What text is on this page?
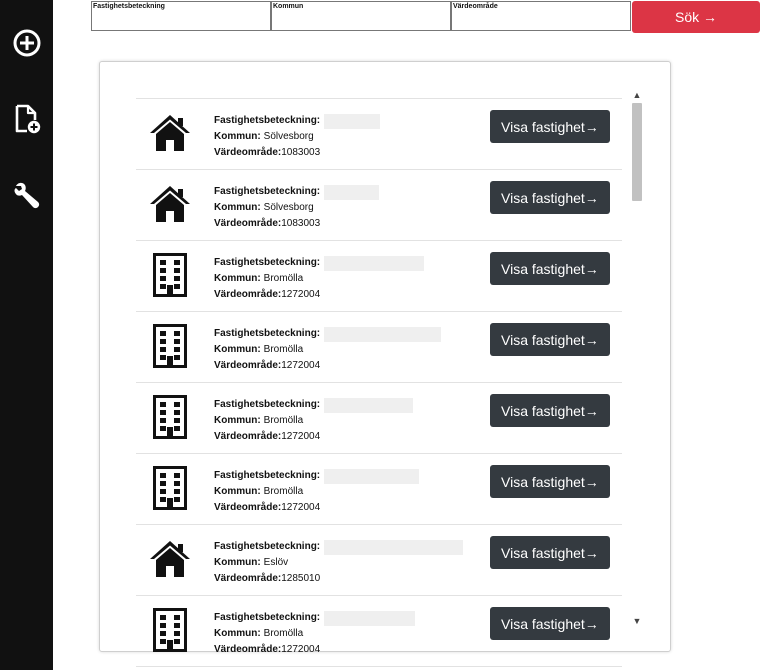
Fastighetsbeteckning	Kommun	Värdeområde
Sök →
Fastighetsbeteckning:
Kommun: Sölvesborg
Värdeområde: 1083003
Visa fastighet→
Fastighetsbeteckning:
Kommun: Sölvesborg
Värdeområde: 1083003
Visa fastighet→
Fastighetsbeteckning:
Kommun: Bromölla
Värdeområde: 1272004
Visa fastighet→
Fastighetsbeteckning:
Kommun: Bromölla
Värdeområde: 1272004
Visa fastighet→
Fastighetsbeteckning:
Kommun: Bromölla
Värdeområde: 1272004
Visa fastighet→
Fastighetsbeteckning:
Kommun: Bromölla
Värdeområde: 1272004
Visa fastighet→
Fastighetsbeteckning:
Kommun: Eslöv
Värdeområde: 1285010
Visa fastighet→
Fastighetsbeteckning:
Kommun: Bromölla
Värdeområde: 1272004
Visa fastighet→
▲
▼
